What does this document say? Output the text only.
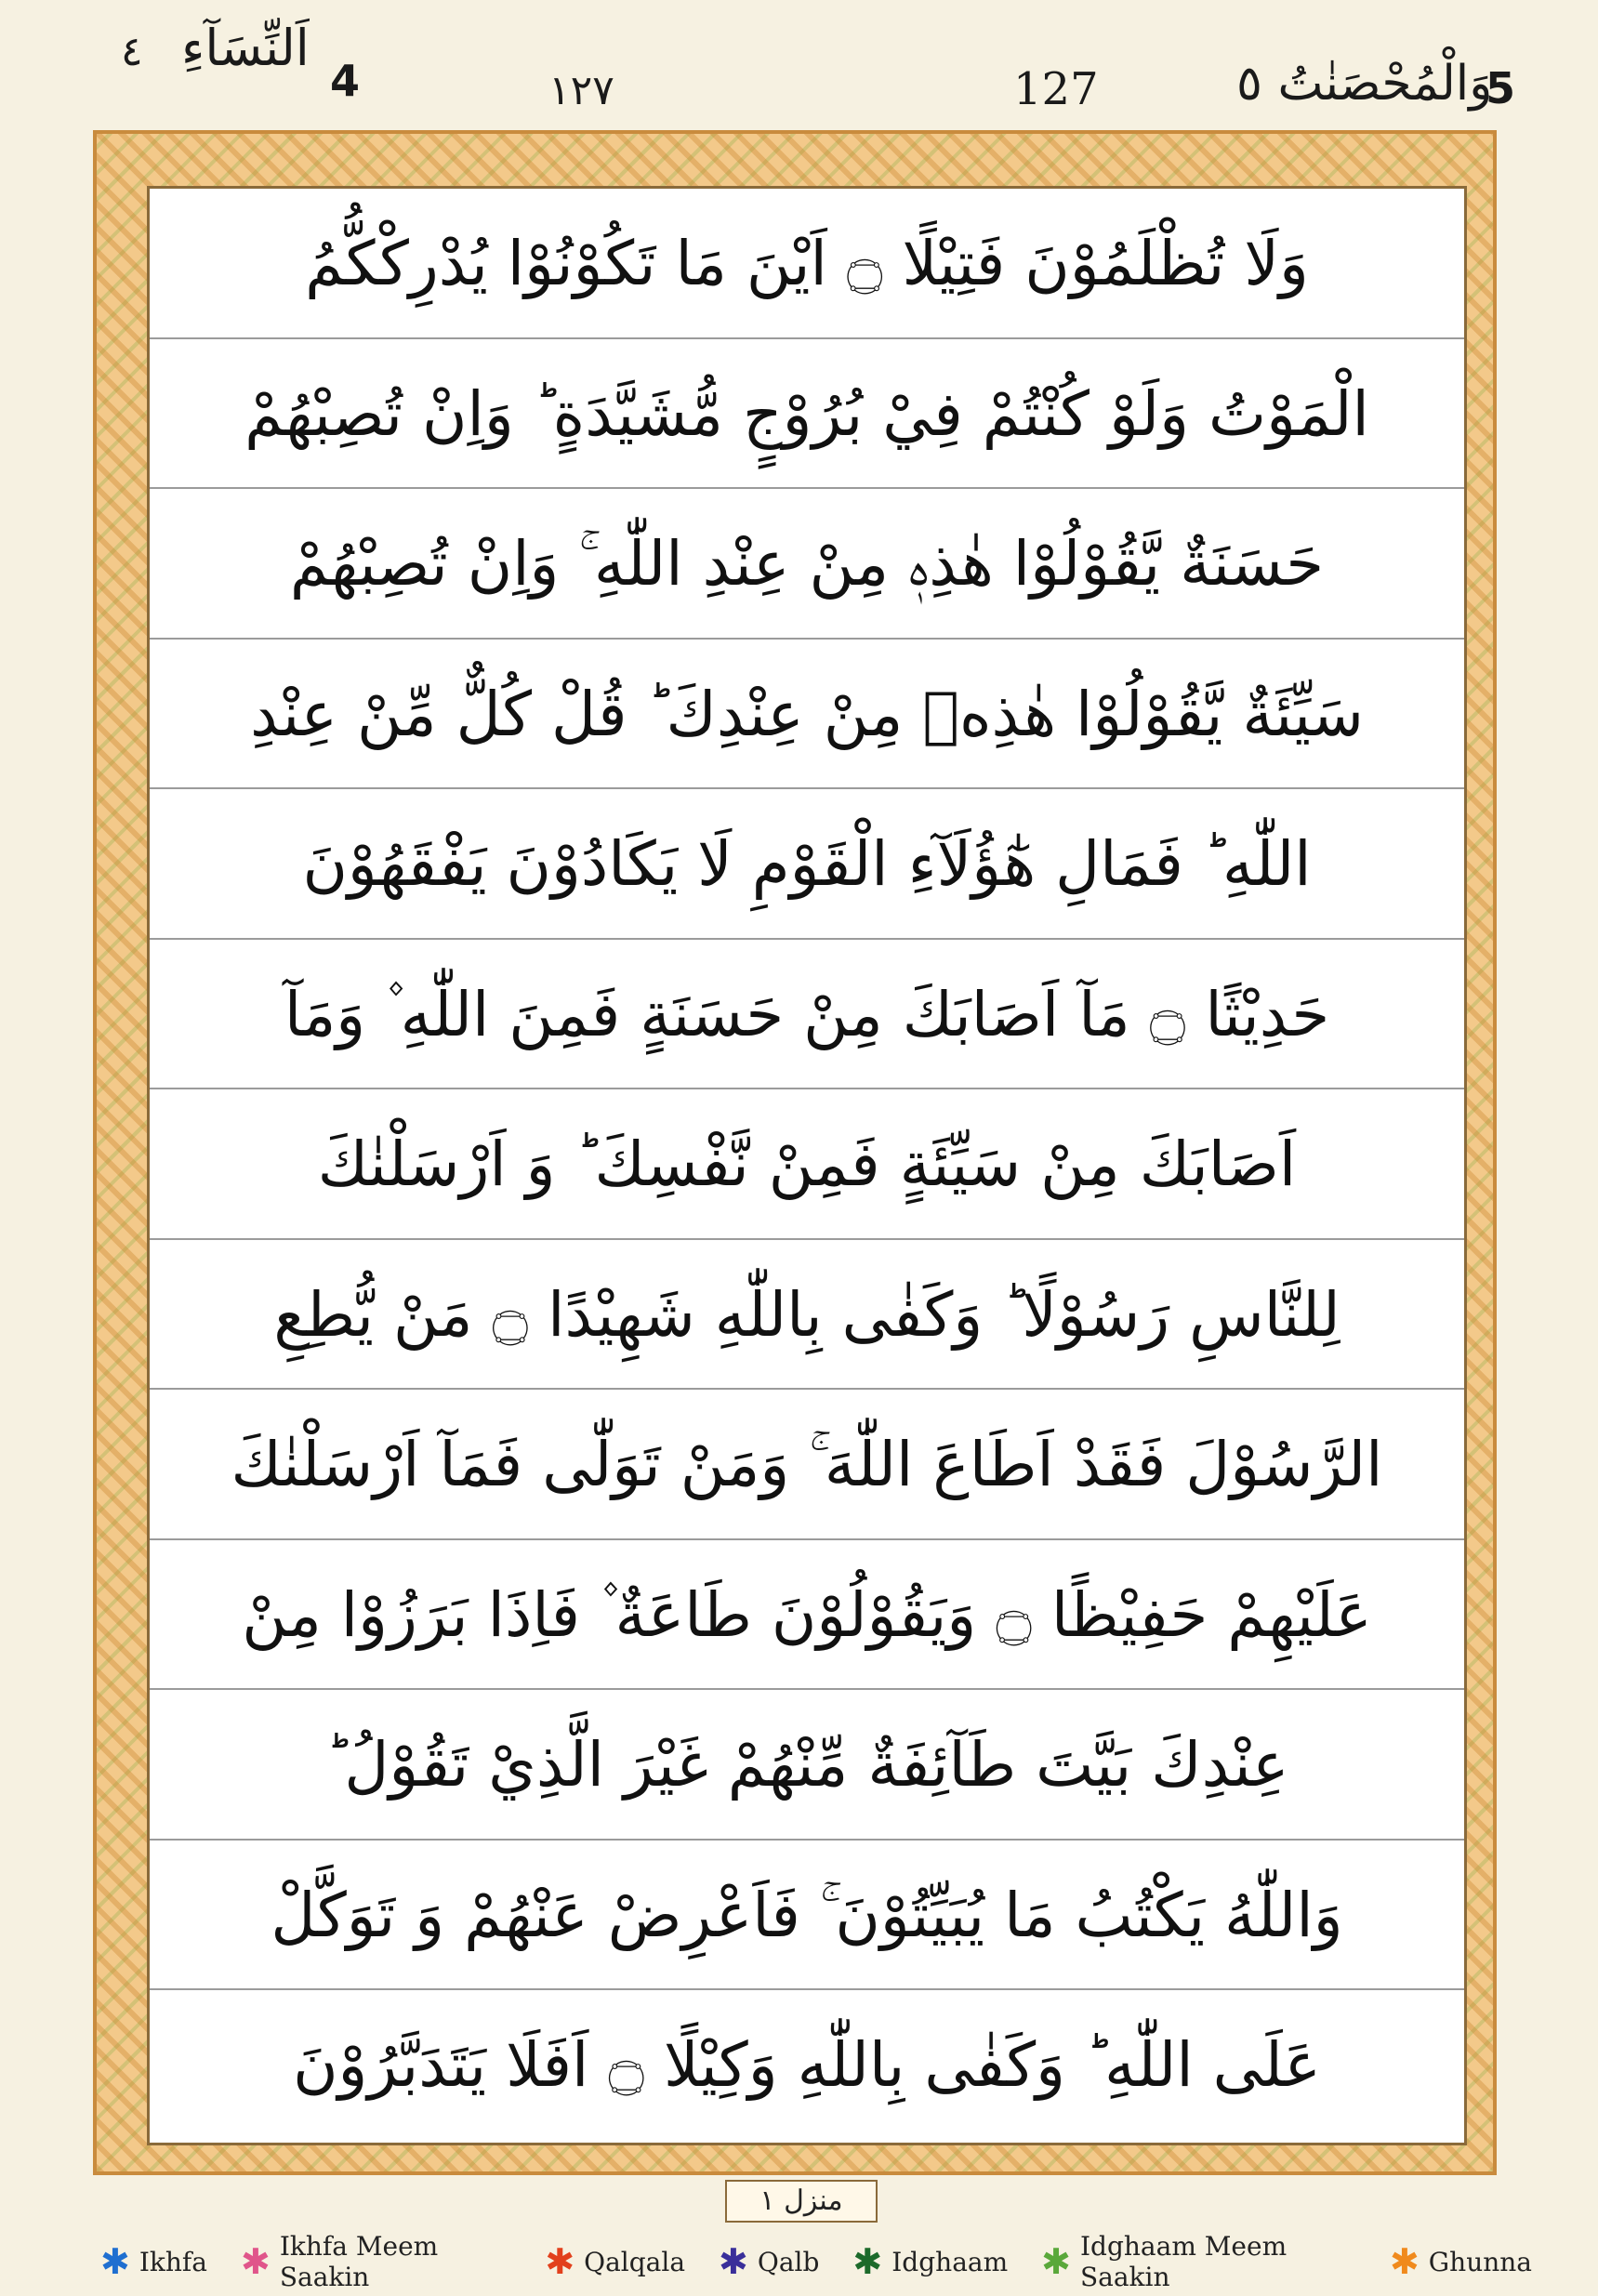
٤ اَلنِّسَآءِ
4	١٢٧	127	وَالْمُحْصَنٰتُ ٥	5
وَلَا تُظْلَمُوْنَ فَتِيْلًا ۝ اَيْنَ مَا تَكُوْنُوْا يُدْرِكْكُّمُ
الْمَوْتُ وَلَوْ كُنْتُمْ فِيْ بُرُوْجٍ مُّشَيَّدَةٍ ؕ وَاِنْ تُصِبْهُمْ
حَسَنَةٌ يَّقُوْلُوْا هٰذِهٖ مِنْ عِنْدِ اللّٰهِ ۚ وَاِنْ تُصِبْهُمْ
سَيِّئَةٌ يَّقُوْلُوْا هٰذِهٖ مِنْ عِنْدِكَ ؕ قُلْ كُلٌّ مِّنْ عِنْدِ
اللّٰهِ ؕ فَمَالِ هٰٓؤُلَآءِ الْقَوْمِ لَا يَكَادُوْنَ يَفْقَهُوْنَ
حَدِيْثًا ۝ مَآ اَصَابَكَ مِنْ حَسَنَةٍ فَمِنَ اللّٰهِ ۫ وَمَآ
اَصَابَكَ مِنْ سَيِّئَةٍ فَمِنْ نَّفْسِكَ ؕ وَ اَرْسَلْنٰكَ
لِلنَّاسِ رَسُوْلًا ؕ وَكَفٰى بِاللّٰهِ شَهِيْدًا ۝ مَنْ يُّطِعِ
الرَّسُوْلَ فَقَدْ اَطَاعَ اللّٰهَ ۚ وَمَنْ تَوَلّٰى فَمَآ اَرْسَلْنٰكَ
عَلَيْهِمْ حَفِيْظًا ۝ وَيَقُوْلُوْنَ طَاعَةٌ ۫ فَاِذَا بَرَزُوْا مِنْ
عِنْدِكَ بَيَّتَ طَآئِفَةٌ مِّنْهُمْ غَيْرَ الَّذِيْ تَقُوْلُ ؕ
وَاللّٰهُ يَكْتُبُ مَا يُبَيِّتُوْنَ ۚ فَاَعْرِضْ عَنْهُمْ وَ تَوَكَّلْ
عَلَى اللّٰهِ ؕ وَكَفٰى بِاللّٰهِ وَكِيْلًا ۝ اَفَلَا يَتَدَبَّرُوْنَ
منزل ١
✱ Ikhfa ✱ Ikhfa Meem Saakin	✱ Qalqala ✱ Qalb ✱ Idghaam ✱ Idghaam Meem Saakin	✱ Ghunna
